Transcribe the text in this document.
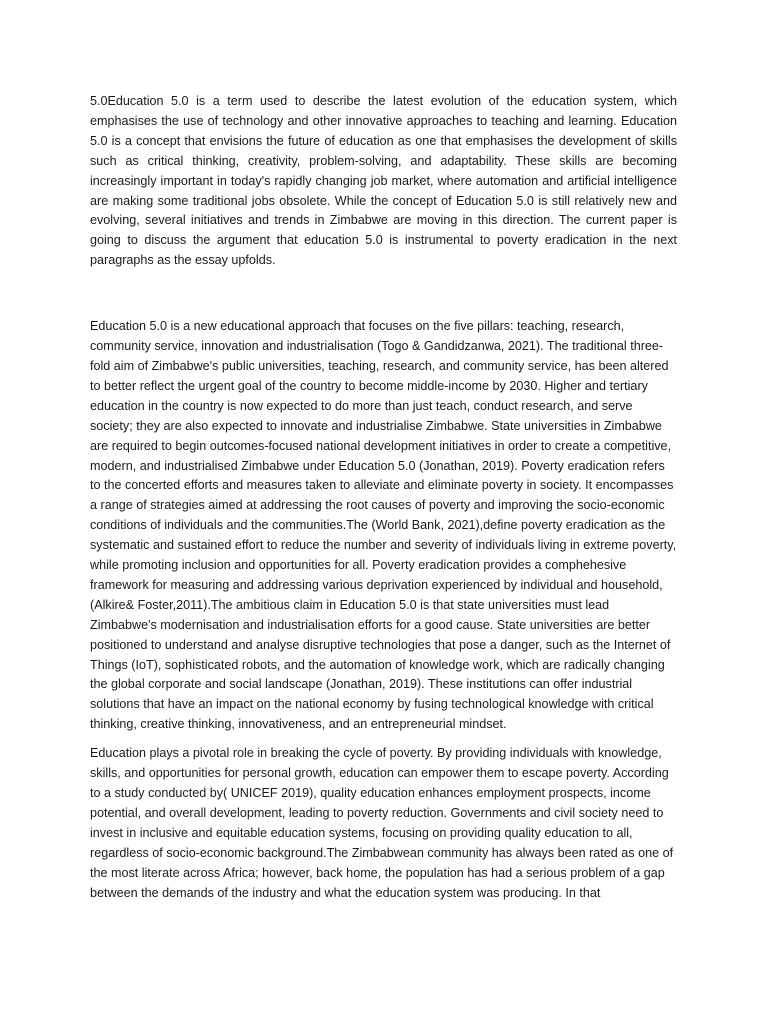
5.0Education 5.0 is a term used to describe the latest evolution of the education system, which emphasises the use of technology and other innovative approaches to teaching and learning. Education 5.0 is a concept that envisions the future of education as one that emphasises the development of skills such as critical thinking, creativity, problem-solving, and adaptability. These skills are becoming increasingly important in today's rapidly changing job market, where automation and artificial intelligence are making some traditional jobs obsolete. While the concept of Education 5.0 is still relatively new and evolving, several initiatives and trends in Zimbabwe are moving in this direction. The current paper is going to discuss the argument that education 5.0 is instrumental to poverty eradication in the next paragraphs as the essay upfolds.

Education 5.0 is a new educational approach that focuses on the five pillars: teaching, research, community service, innovation and industrialisation (Togo & Gandidzanwa, 2021). The traditional three-fold aim of Zimbabwe's public universities, teaching, research, and community service, has been altered to better reflect the urgent goal of the country to become middle-income by 2030. Higher and tertiary education in the country is now expected to do more than just teach, conduct research, and serve society; they are also expected to innovate and industrialise Zimbabwe. State universities in Zimbabwe are required to begin outcomes-focused national development initiatives in order to create a competitive, modern, and industrialised Zimbabwe under Education 5.0 (Jonathan, 2019). Poverty eradication refers to the concerted efforts and measures taken to alleviate and eliminate poverty in society. It encompasses a range of strategies aimed at addressing the root causes of poverty and improving the socio-economic conditions of individuals and the communities.The (World Bank, 2021),define poverty eradication as the systematic and sustained effort to reduce the number and severity of individuals living in extreme poverty, while promoting inclusion and opportunities for all. Poverty eradication provides a comphehesive framework for measuring and addressing various deprivation experienced by individual and household,(Alkire& Foster,2011).The ambitious claim in Education 5.0 is that state universities must lead Zimbabwe's modernisation and industrialisation efforts for a good cause. State universities are better positioned to understand and analyse disruptive technologies that pose a danger, such as the Internet of Things (IoT), sophisticated robots, and the automation of knowledge work, which are radically changing the global corporate and social landscape (Jonathan, 2019). These institutions can offer industrial solutions that have an impact on the national economy by fusing technological knowledge with critical thinking, creative thinking, innovativeness, and an entrepreneurial mindset.

Education plays a pivotal role in breaking the cycle of poverty. By providing individuals with knowledge, skills, and opportunities for personal growth, education can empower them to escape poverty. According to a study conducted by( UNICEF 2019), quality education enhances employment prospects, income potential, and overall development, leading to poverty reduction. Governments and civil society need to invest in inclusive and equitable education systems, focusing on providing quality education to all, regardless of socio-economic background.The Zimbabwean community has always been rated as one of the most literate across Africa; however, back home, the population has had a serious problem of a gap between the demands of the industry and what the education system was producing. In that
